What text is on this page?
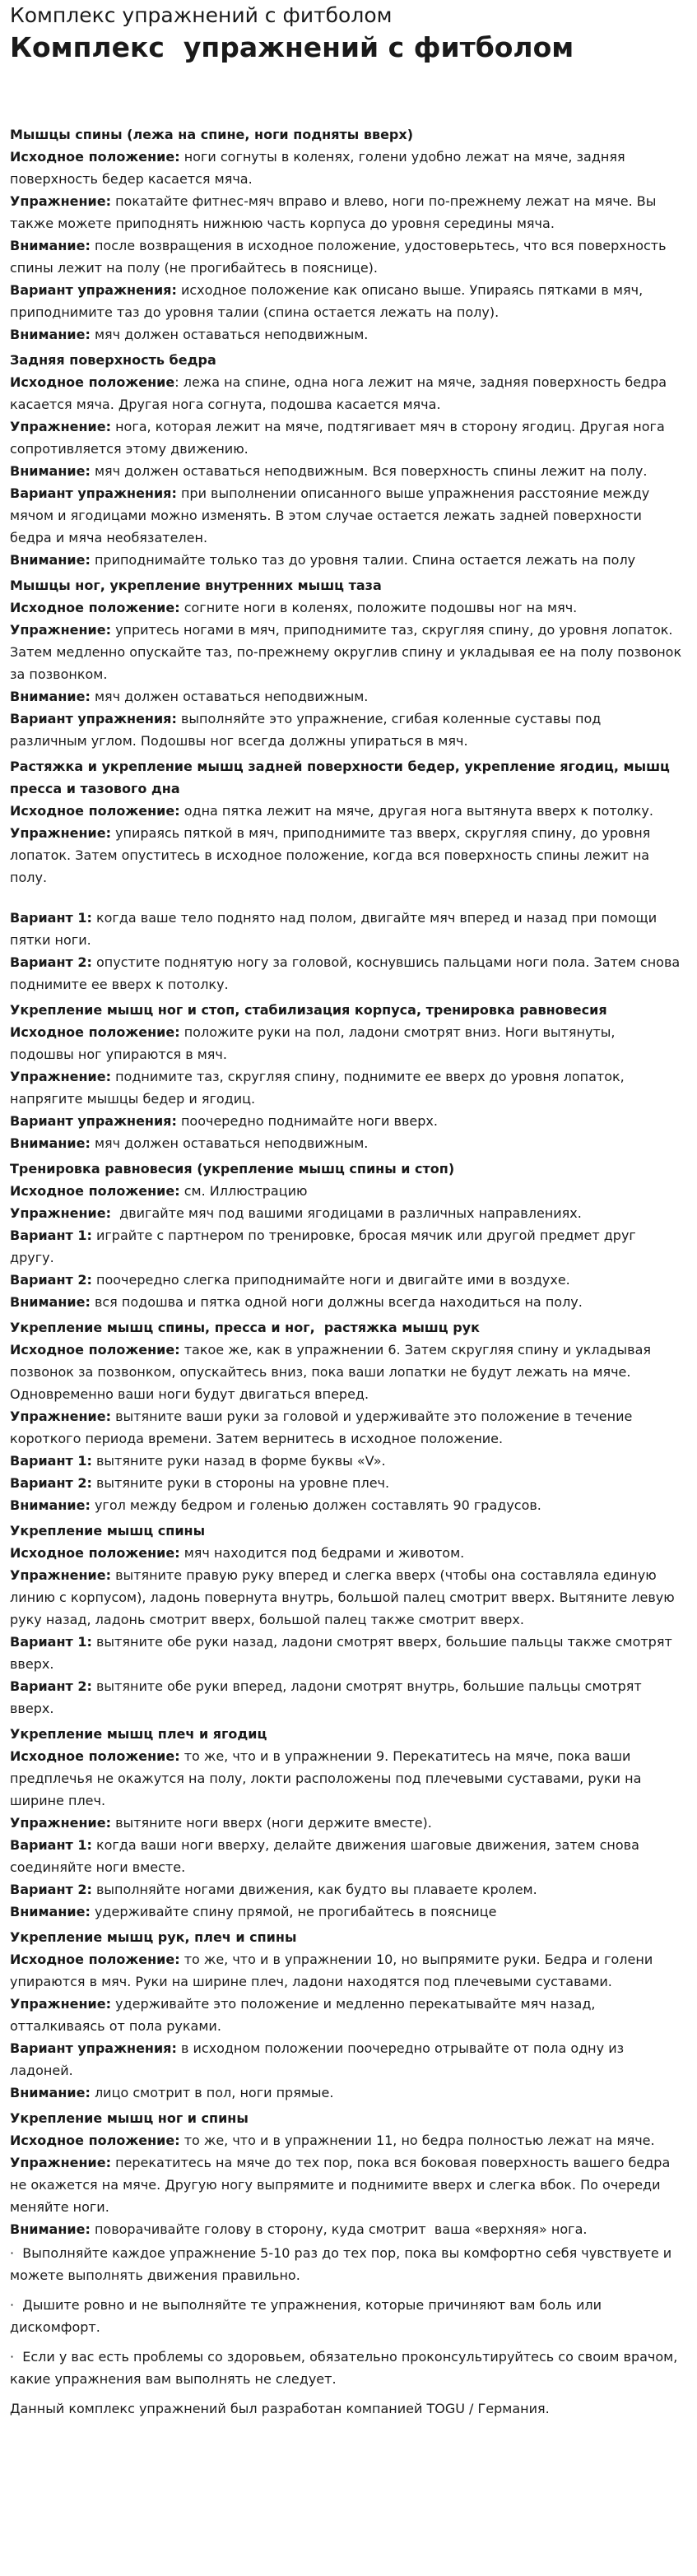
Комплекс упражнений с фитболом
Комплекс  упражнений с фитболом
Мышцы спины (лежа на спине, ноги подняты вверх)

Исходное положение: ноги согнуты в коленях, голени удобно лежат на мяче, задняя поверхность бедер касается мяча.

Упражнение: покатайте фитнес-мяч вправо и влево, ноги по-прежнему лежат на мяче. Вы также можете приподнять нижнюю часть корпуса до уровня середины мяча.

Внимание: после возвращения в исходное положение, удостоверьтесь, что вся поверхность спины лежит на полу (не прогибайтесь в пояснице).

Вариант упражнения: исходное положение как описано выше. Упираясь пятками в мяч, приподнимите таз до уровня талии (спина остается лежать на полу).

Внимание: мяч должен оставаться неподвижным.

Задняя поверхность бедра

Исходное положение: лежа на спине, одна нога лежит на мяче, задняя поверхность бедра касается мяча. Другая нога согнута, подошва касается мяча.

Упражнение: нога, которая лежит на мяче, подтягивает мяч в сторону ягодиц. Другая нога сопротивляется этому движению.

Внимание: мяч должен оставаться неподвижным. Вся поверхность спины лежит на полу.

Вариант упражнения: при выполнении описанного выше упражнения расстояние между мячом и ягодицами можно изменять. В этом случае остается лежать задней поверхности бедра и мяча необязателен.

Внимание: приподнимайте только таз до уровня талии. Спина остается лежать на полу

Мышцы ног, укрепление внутренних мышц таза

Исходное положение: согните ноги в коленях, положите подошвы ног на мяч.

Упражнение: упритесь ногами в мяч, приподнимите таз, скругляя спину, до уровня лопаток. Затем медленно опускайте таз, по-прежнему округлив спину и укладывая ее на полу позвонок за позвонком.

Внимание: мяч должен оставаться неподвижным.

Вариант упражнения: выполняйте это упражнение, сгибая коленные суставы под различным углом. Подошвы ног всегда должны упираться в мяч.

Растяжка и укрепление мышц задней поверхности бедер, укрепление ягодиц, мышц пресса и тазового дна

Исходное положение: одна пятка лежит на мяче, другая нога вытянута вверх к потолку.

Упражнение: упираясь пяткой в мяч, приподнимите таз вверх, скругляя спину, до уровня лопаток. Затем опуститесь в исходное положение, когда вся поверхность спины лежит на полу.

Вариант 1: когда ваше тело поднято над полом, двигайте мяч вперед и назад при помощи пятки ноги.

Вариант 2: опустите поднятую ногу за головой, коснувшись пальцами ноги пола. Затем снова поднимите ее вверх к потолку.

Укрепление мышц ног и стоп, стабилизация корпуса, тренировка равновесия

Исходное положение: положите руки на пол, ладони смотрят вниз. Ноги вытянуты, подошвы ног упираются в мяч.

Упражнение: поднимите таз, скругляя спину, поднимите ее вверх до уровня лопаток, напрягите мышцы бедер и ягодиц.

Вариант упражнения: поочередно поднимайте ноги вверх.

Внимание: мяч должен оставаться неподвижным.

Тренировка равновесия (укрепление мышц спины и стоп)

Исходное положение: см. Иллюстрацию

Упражнение:  двигайте мяч под вашими ягодицами в различных направлениях.

Вариант 1: играйте с партнером по тренировке, бросая мячик или другой предмет друг другу.

Вариант 2: поочередно слегка приподнимайте ноги и двигайте ими в воздухе.

Внимание: вся подошва и пятка одной ноги должны всегда находиться на полу.

Укрепление мышц спины, пресса и ног,  растяжка мышц рук

Исходное положение: такое же, как в упражнении 6. Затем скругляя спину и укладывая позвонок за позвонком, опускайтесь вниз, пока ваши лопатки не будут лежать на мяче. Одновременно ваши ноги будут двигаться вперед.

Упражнение: вытяните ваши руки за головой и удерживайте это положение в течение короткого периода времени. Затем вернитесь в исходное положение.

Вариант 1: вытяните руки назад в форме буквы «V».

Вариант 2: вытяните руки в стороны на уровне плеч.

Внимание: угол между бедром и голенью должен составлять 90 градусов.

Укрепление мышц спины

Исходное положение: мяч находится под бедрами и животом.

Упражнение: вытяните правую руку вперед и слегка вверх (чтобы она составляла единую линию с корпусом), ладонь повернута внутрь, большой палец смотрит вверх. Вытяните левую руку назад, ладонь смотрит вверх, большой палец также смотрит вверх.

Вариант 1: вытяните обе руки назад, ладони смотрят вверх, большие пальцы также смотрят вверх.

Вариант 2: вытяните обе руки вперед, ладони смотрят внутрь, большие пальцы смотрят вверх.

Укрепление мышц плеч и ягодиц

Исходное положение: то же, что и в упражнении 9. Перекатитесь на мяче, пока ваши предплечья не окажутся на полу, локти расположены под плечевыми суставами, руки на ширине плеч.

Упражнение: вытяните ноги вверх (ноги держите вместе).

Вариант 1: когда ваши ноги вверху, делайте движения шаговые движения, затем снова соединяйте ноги вместе.

Вариант 2: выполняйте ногами движения, как будто вы плаваете кролем.

Внимание: удерживайте спину прямой, не прогибайтесь в пояснице

Укрепление мышц рук, плеч и спины

Исходное положение: то же, что и в упражнении 10, но выпрямите руки. Бедра и голени упираются в мяч. Руки на ширине плеч, ладони находятся под плечевыми суставами.

Упражнение: удерживайте это положение и медленно перекатывайте мяч назад, отталкиваясь от пола руками.

Вариант упражнения: в исходном положении поочередно отрывайте от пола одну из ладоней.

Внимание: лицо смотрит в пол, ноги прямые.

Укрепление мышц ног и спины

Исходное положение: то же, что и в упражнении 11, но бедра полностью лежат на мяче.

Упражнение: перекатитесь на мяче до тех пор, пока вся боковая поверхность вашего бедра не окажется на мяче. Другую ногу выпрямите и поднимите вверх и слегка вбок. По очереди меняйте ноги.

Внимание: поворачивайте голову в сторону, куда смотрит  ваша «верхняя» нога.

·  Выполняйте каждое упражнение 5-10 раз до тех пор, пока вы комфортно себя чувствуете и можете выполнять движения правильно.

·  Дышите ровно и не выполняйте те упражнения, которые причиняют вам боль или дискомфорт.

·  Если у вас есть проблемы со здоровьем, обязательно проконсультируйтесь со своим врачом, какие упражнения вам выполнять не следует.

Данный комплекс упражнений был разработан компанией TOGU / Германия.
